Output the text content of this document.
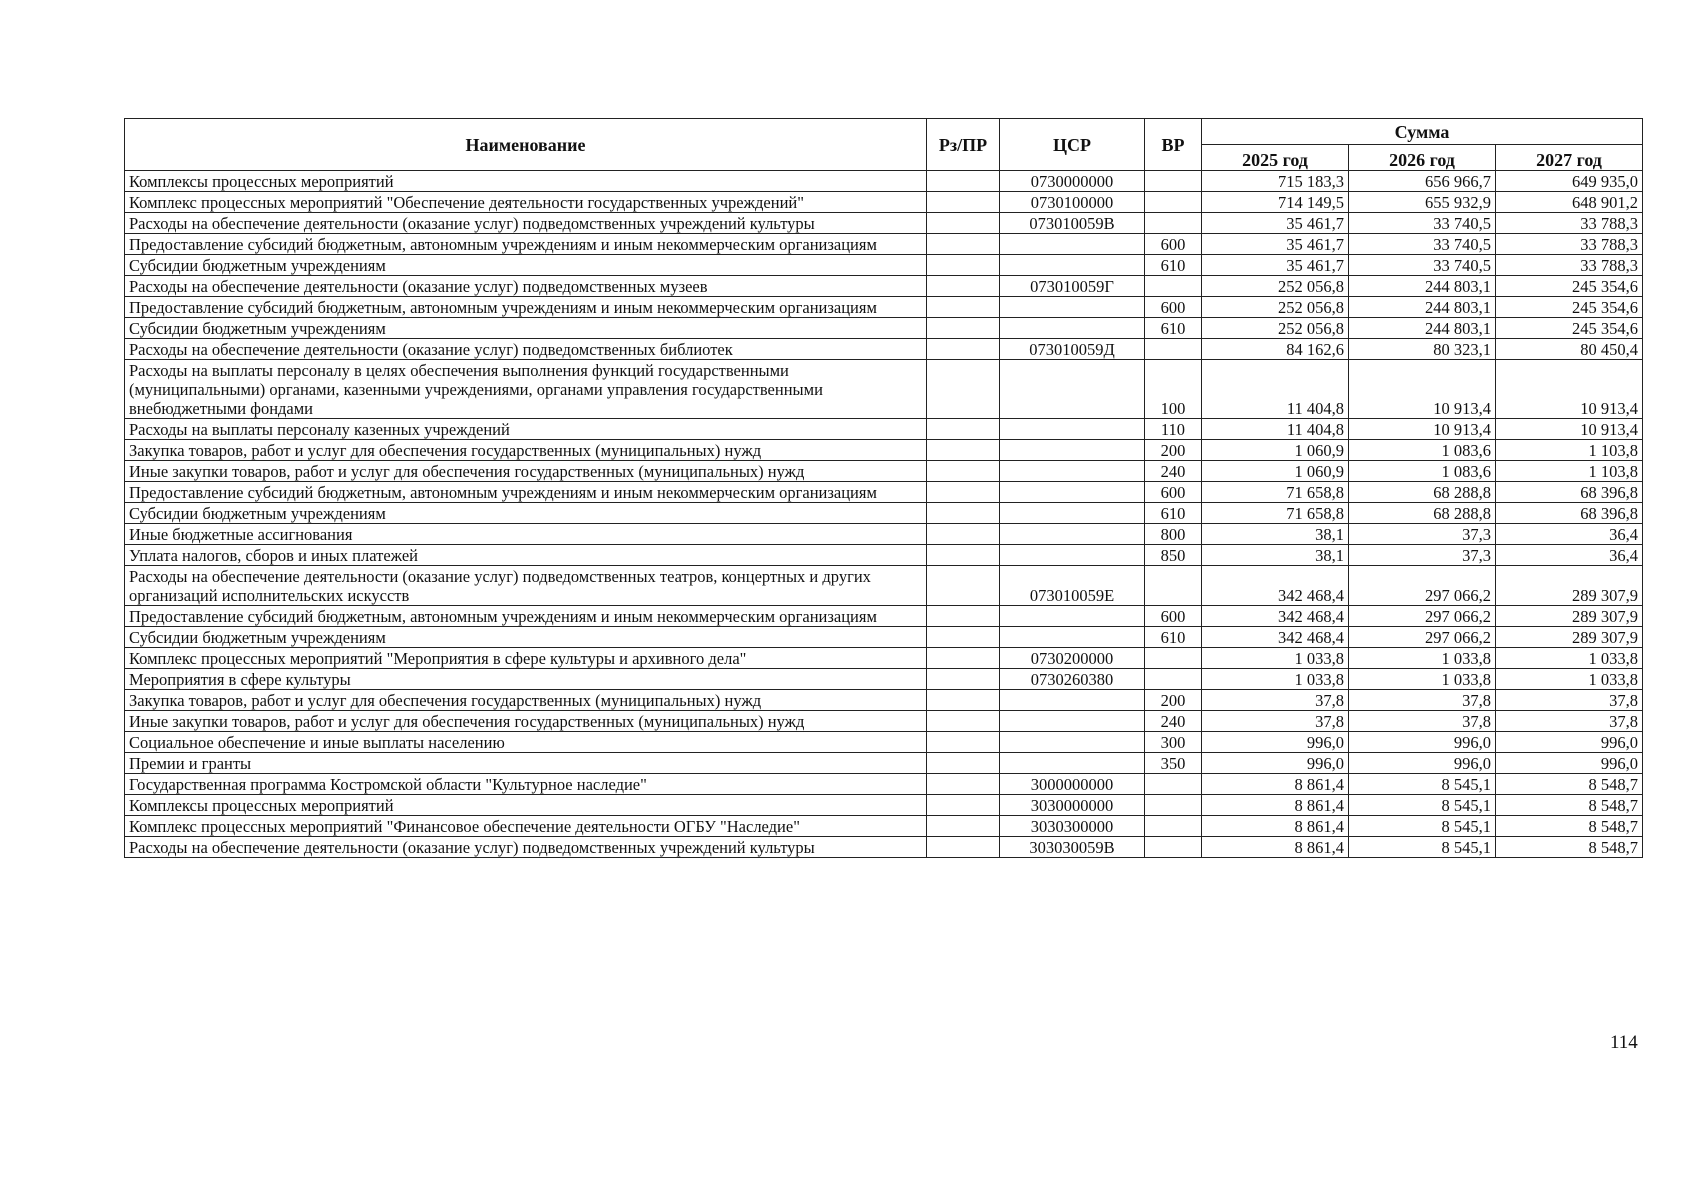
Наименование	Рз/ПР	ЦСР	ВР	Сумма		
				2025 год	2026 год	2027 год
Комплексы процессных мероприятий		0730000000		715 183,3	656 966,7	649 935,0
Комплекс процессных мероприятий "Обеспечение деятельности государственных учреждений"		0730100000		714 149,5	655 932,9	648 901,2
Расходы на обеспечение деятельности (оказание услуг) подведомственных учреждений культуры		073010059В		35 461,7	33 740,5	33 788,3
Предоставление субсидий бюджетным, автономным учреждениям и иным некоммерческим организациям			600	35 461,7	33 740,5	33 788,3
Субсидии бюджетным учреждениям			610	35 461,7	33 740,5	33 788,3
Расходы на обеспечение деятельности (оказание услуг) подведомственных музеев		073010059Г		252 056,8	244 803,1	245 354,6
Предоставление субсидий бюджетным, автономным учреждениям и иным некоммерческим организациям			600	252 056,8	244 803,1	245 354,6
Субсидии бюджетным учреждениям			610	252 056,8	244 803,1	245 354,6
Расходы на обеспечение деятельности (оказание услуг) подведомственных библиотек		073010059Д		84 162,6	80 323,1	80 450,4
Расходы на выплаты персоналу в целях обеспечения выполнения функций государственными (муниципальными) органами, казенными учреждениями, органами управления государственными внебюджетными фондами			100	11 404,8	10 913,4	10 913,4
Расходы на выплаты персоналу казенных учреждений			110	11 404,8	10 913,4	10 913,4
Закупка товаров, работ и услуг для обеспечения государственных (муниципальных) нужд			200	1 060,9	1 083,6	1 103,8
Иные закупки товаров, работ и услуг для обеспечения государственных (муниципальных) нужд			240	1 060,9	1 083,6	1 103,8
Предоставление субсидий бюджетным, автономным учреждениям и иным некоммерческим организациям			600	71 658,8	68 288,8	68 396,8
Субсидии бюджетным учреждениям			610	71 658,8	68 288,8	68 396,8
Иные бюджетные ассигнования			800	38,1	37,3	36,4
Уплата налогов, сборов и иных платежей			850	38,1	37,3	36,4
Расходы на обеспечение деятельности (оказание услуг) подведомственных театров, концертных и других организаций исполнительских искусств		073010059Е		342 468,4	297 066,2	289 307,9
Предоставление субсидий бюджетным, автономным учреждениям и иным некоммерческим организациям			600	342 468,4	297 066,2	289 307,9
Субсидии бюджетным учреждениям			610	342 468,4	297 066,2	289 307,9
Комплекс процессных мероприятий "Мероприятия в сфере культуры и архивного дела"		0730200000		1 033,8	1 033,8	1 033,8
Мероприятия в сфере культуры		0730260380		1 033,8	1 033,8	1 033,8
Закупка товаров, работ и услуг для обеспечения государственных (муниципальных) нужд			200	37,8	37,8	37,8
Иные закупки товаров, работ и услуг для обеспечения государственных (муниципальных) нужд			240	37,8	37,8	37,8
Социальное обеспечение и иные выплаты населению			300	996,0	996,0	996,0
Премии и гранты			350	996,0	996,0	996,0
Государственная программа Костромской области "Культурное наследие"		3000000000		8 861,4	8 545,1	8 548,7
Комплексы процессных мероприятий		3030000000		8 861,4	8 545,1	8 548,7
Комплекс процессных мероприятий "Финансовое обеспечение деятельности ОГБУ "Наследие"		3030300000		8 861,4	8 545,1	8 548,7
Расходы на обеспечение деятельности (оказание услуг) подведомственных учреждений культуры		303030059В		8 861,4	8 545,1	8 548,7
114
